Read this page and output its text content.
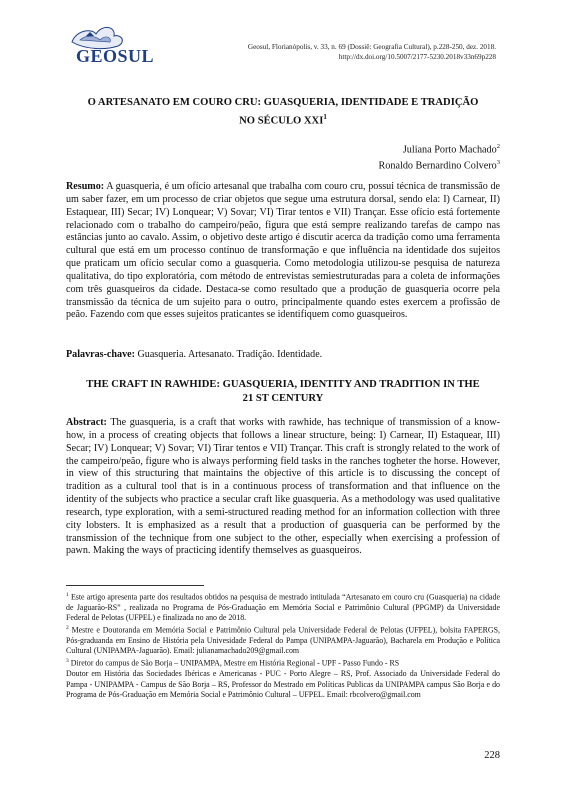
GEOSUL	Geosul, Florianópolis, v. 33, n. 69 (Dossiê: Geografia Cultural), p.228-250, dez. 2018.
http://dx.doi.org/10.5007/2177-5230.2018v33n69p228
O ARTESANATO EM COURO CRU: GUASQUERIA, IDENTIDADE E TRADIÇÃO
NO SÉCULO XXI$^1$
Juliana Porto Machado$^2$
Ronaldo Bernardino Colvero$^3$
Resumo: A guasqueria, é um ofício artesanal que trabalha com couro cru, possui técnica de transmissão de um saber fazer, em um processo de criar objetos que segue uma estrutura dorsal, sendo ela: I) Carnear, II) Estaquear, III) Secar; IV) Lonquear; V) Sovar; VI) Tirar tentos e VII) Trançar. Esse ofício está fortemente relacionado com o trabalho do campeiro/peão, figura que está sempre realizando tarefas de campo nas estâncias junto ao cavalo. Assim, o objetivo deste artigo é discutir acerca da tradição como uma ferramenta cultural que está em um processo contínuo de transformação e que influência na identidade dos sujeitos que praticam um ofício secular como a guasqueria. Como metodologia utilizou-se pesquisa de natureza qualitativa, do tipo exploratória, com método de entrevistas semiestruturadas para a coleta de informações com três guasqueiros da cidade. Destaca-se como resultado que a produção de guasqueria ocorre pela transmissão da técnica de um sujeito para o outro, principalmente quando estes exercem a profissão de peão. Fazendo com que esses sujeitos praticantes se identifiquem como guasqueiros.
Palavras-chave: Guasqueria. Artesanato. Tradição. Identidade.
THE CRAFT IN RAWHIDE: GUASQUERIA, IDENTITY AND TRADITION IN THE
21 ST CENTURY
Abstract: The guasqueria, is a craft that works with rawhide, has technique of transmission of a know-how, in a process of creating objects that follows a linear structure, being: I) Carnear, II) Estaquear, III) Secar; IV) Lonquear; V) Sovar; VI) Tirar tentos e VII) Trançar. This craft is strongly related to the work of the campeiro/peão, figure who is always performing field tasks in the ranches togheter the horse. However, in view of this structuring that maintains the objective of this article is to discussing the concept of tradition as a cultural tool that is in a continuous process of transformation and that influence on the identity of the subjects who practice a secular craft like guasqueria. As a methodology was used qualitative research, type exploration, with a semi-structured reading method for an information collection with three city lobsters. It is emphasized as a result that a production of guasqueria can be performed by the transmission of the technique from one subject to the other, especially when exercising a profession of pawn. Making the ways of practicing identify themselves as guasqueiros.

$^1$ Este artigo apresenta parte dos resultados obtidos na pesquisa de mestrado intitulada “Artesanato em couro cru (Guasqueria) na cidade de Jaguarão-RS” , realizada no Programa de Pós-Graduação em Memória Social e Patrimônio Cultural (PPGMP) da Universidade Federal de Pelotas (UFPEL) e finalizada no ano de 2018.

$^2$ Mestre e Doutoranda em Memória Social e Patrimônio Cultural pela Universidade Federal de Pelotas (UFPEL), bolsita FAPERGS, Pós-graduanda em Ensino de História pela Univesidade Federal do Pampa (UNIPAMPA-Jaguarão), Bacharela em Produção e Política Cultural (UNIPAMPA-Jaguarão). Email: julianamachado209@gmail.com

$^3$ Diretor do campus de São Borja – UNIPAMPA, Mestre em História Regional - UPF - Passo Fundo - RS

Doutor em História das Sociedades Ibéricas e Americanas - PUC - Porto Alegre – RS, Prof. Associado da Universidade Federal do Pampa - UNIPAMPA - Campus de São Borja – RS, Professor do Mestrado em Políticas Publicas da UNIPAMPA campus São Borja e do Programa de Pós-Graduação em Memória Social e Patrimônio Cultural – UFPEL. Email: rbcolvero@gmail.com

228
